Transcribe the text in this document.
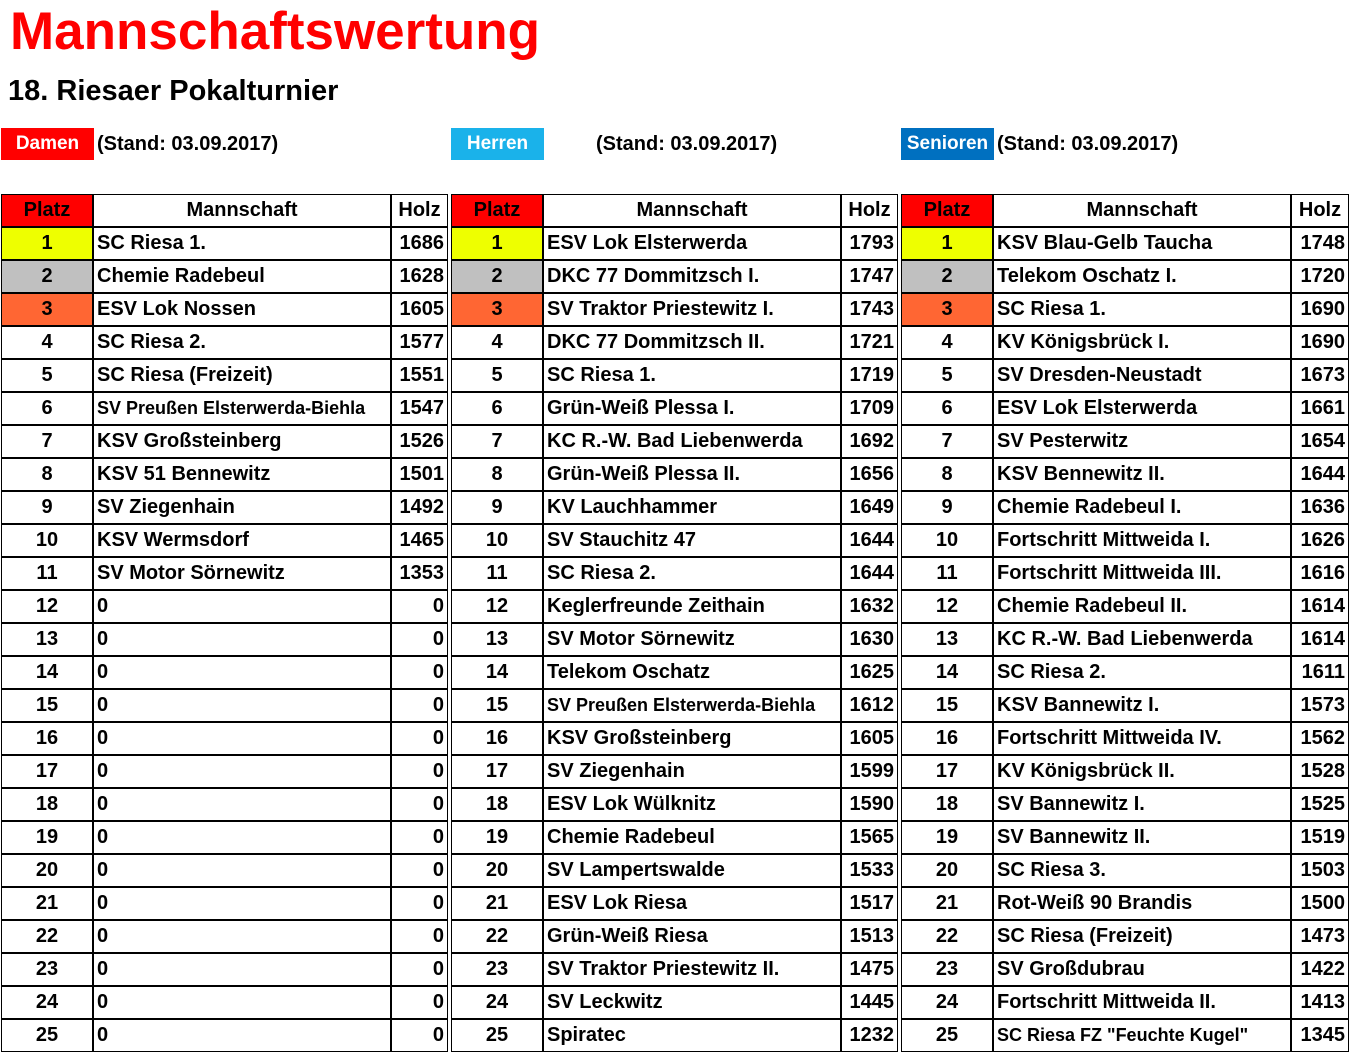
Mannschaftswertung
18. Riesaer Pokalturnier
Damen (Stand: 03.09.2017)	Herren	(Stand: 03.09.2017)	Senioren (Stand: 03.09.2017)
Platz	Mannschaft	Holz
1	SC Riesa 1.	1686
2	Chemie Radebeul	1628
3	ESV Lok Nossen	1605
4	SC Riesa 2.	1577
5	SC Riesa (Freizeit)	1551
6	SV Preußen Elsterwerda-Biehla	1547
7	KSV Großsteinberg	1526
8	KSV 51 Bennewitz	1501
9	SV Ziegenhain	1492
10	KSV Wermsdorf	1465
11	SV Motor Sörnewitz	1353
12	0	0
13	0	0
14	0	0
15	0	0
16	0	0
17	0	0
18	0	0
19	0	0
20	0	0
21	0	0
22	0	0
23	0	0
24	0	0
25	0	0
Platz	Mannschaft	Holz
1	ESV Lok Elsterwerda	1793
2	DKC 77 Dommitzsch I.	1747
3	SV Traktor Priestewitz I.	1743
4	DKC 77 Dommitzsch II.	1721
5	SC Riesa 1.	1719
6	Grün-Weiß Plessa I.	1709
7	KC R.-W. Bad Liebenwerda	1692
8	Grün-Weiß Plessa II.	1656
9	KV Lauchhammer	1649
10	SV Stauchitz 47	1644
11	SC Riesa 2.	1644
12	Keglerfreunde Zeithain	1632
13	SV Motor Sörnewitz	1630
14	Telekom Oschatz	1625
15	SV Preußen Elsterwerda-Biehla	1612
16	KSV Großsteinberg	1605
17	SV Ziegenhain	1599
18	ESV Lok Wülknitz	1590
19	Chemie Radebeul	1565
20	SV Lampertswalde	1533
21	ESV Lok Riesa	1517
22	Grün-Weiß Riesa	1513
23	SV Traktor Priestewitz II.	1475
24	SV Leckwitz	1445
25	Spiratec	1232
Platz	Mannschaft	Holz
1	KSV Blau-Gelb Taucha	1748
2	Telekom Oschatz I.	1720
3	SC Riesa 1.	1690
4	KV Königsbrück I.	1690
5	SV Dresden-Neustadt	1673
6	ESV Lok Elsterwerda	1661
7	SV Pesterwitz	1654
8	KSV Bennewitz II.	1644
9	Chemie Radebeul I.	1636
10	Fortschritt Mittweida I.	1626
11	Fortschritt Mittweida III.	1616
12	Chemie Radebeul II.	1614
13	KC R.-W. Bad Liebenwerda	1614
14	SC Riesa 2.	1611
15	KSV Bannewitz I.	1573
16	Fortschritt Mittweida IV.	1562
17	KV Königsbrück II.	1528
18	SV Bannewitz I.	1525
19	SV Bannewitz II.	1519
20	SC Riesa 3.	1503
21	Rot-Weiß 90 Brandis	1500
22	SC Riesa (Freizeit)	1473
23	SV Großdubrau	1422
24	Fortschritt Mittweida II.	1413
25	SC Riesa FZ "Feuchte Kugel"	1345
